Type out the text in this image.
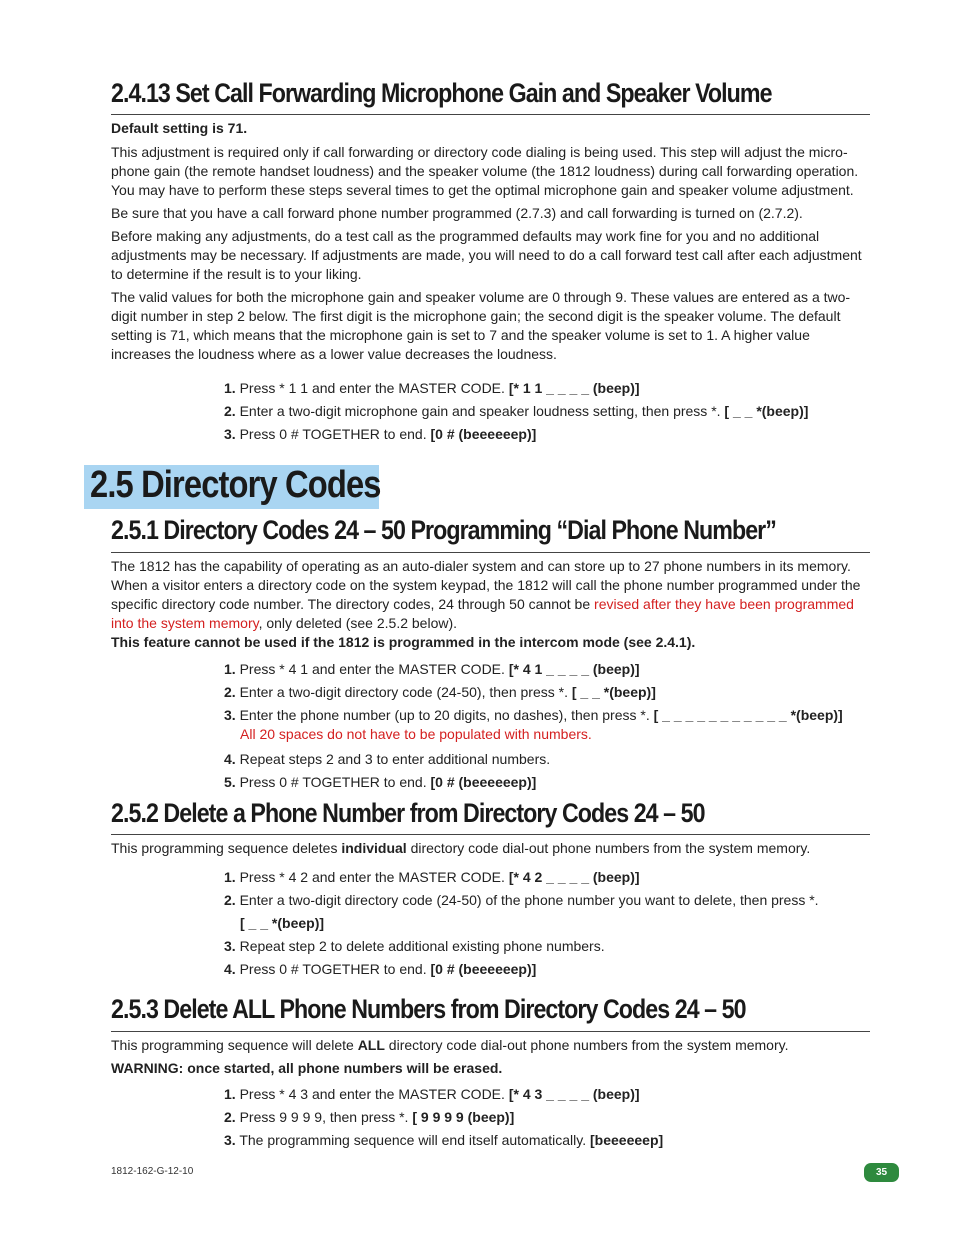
2.4.13 Set Call Forwarding Microphone Gain and Speaker Volume

Default setting is 71.

This adjustment is required only if call forwarding or directory code dialing is being used. This step will adjust the micro-phone gain (the remote handset loudness) and the speaker volume (the 1812 loudness) during call forwarding operation. You may have to perform these steps several times to get the optimal microphone gain and speaker volume adjustment.

Be sure that you have a call forward phone number programmed (2.7.3) and call forwarding is turned on (2.7.2).

Before making any adjustments, do a test call as the programmed defaults may work fine for you and no additional adjustments may be necessary. If adjustments are made, you will need to do a call forward test call after each adjustment to determine if the result is to your liking.

The valid values for both the microphone gain and speaker volume are 0 through 9. These values are entered as a two-digit number in step 2 below. The first digit is the microphone gain; the second digit is the speaker volume. The default setting is 71, which means that the microphone gain is set to 7 and the speaker volume is set to 1. A higher value increases the loudness where as a lower value decreases the loudness.

1. Press * 1 1 and enter the MASTER CODE. [* 1 1 _ _ _ _ (beep)]
2. Enter a two-digit microphone gain and speaker loudness setting, then press *. [ _ _ *(beep)]
3. Press 0 # TOGETHER to end. [0 # (beeeeeep)]
2.5 Directory Codes
2.5.1 Directory Codes 24 – 50 Programming “Dial Phone Number”

The 1812 has the capability of operating as an auto-dialer system and can store up to 27 phone numbers in its memory. When a visitor enters a directory code on the system keypad, the 1812 will call the phone number programmed under the specific directory code number. The directory codes, 24 through 50 cannot be revised after they have been programmed into the system memory, only deleted (see 2.5.2 below).

This feature cannot be used if the 1812 is programmed in the intercom mode (see 2.4.1).

1. Press * 4 1 and enter the MASTER CODE. [* 4 1 _ _ _ _ (beep)]
2. Enter a two-digit directory code (24-50), then press *. [ _ _ *(beep)]
3. Enter the phone number (up to 20 digits, no dashes), then press *. [ _ _ _ _ _ _ _ _ _ _ _ *(beep)]
All 20 spaces do not have to be populated with numbers.
4. Repeat steps 2 and 3 to enter additional numbers.
5. Press 0 # TOGETHER to end. [0 # (beeeeeep)]
2.5.2 Delete a Phone Number from Directory Codes 24 – 50

This programming sequence deletes individual directory code dial-out phone numbers from the system memory.

1. Press * 4 2 and enter the MASTER CODE. [* 4 2 _ _ _ _ (beep)]
2. Enter a two-digit directory code (24-50) of the phone number you want to delete, then press *.
[ _ _ *(beep)]
3. Repeat step 2 to delete additional existing phone numbers.
4. Press 0 # TOGETHER to end. [0 # (beeeeeep)]
2.5.3 Delete ALL Phone Numbers from Directory Codes 24 – 50

This programming sequence will delete ALL directory code dial-out phone numbers from the system memory.

WARNING: once started, all phone numbers will be erased.

1. Press * 4 3 and enter the MASTER CODE. [* 4 3 _ _ _ _ (beep)]
2. Press 9 9 9 9, then press *. [ 9 9 9 9 (beep)]
3. The programming sequence will end itself automatically. [beeeeeep]
1812-162-G-12-10	35
